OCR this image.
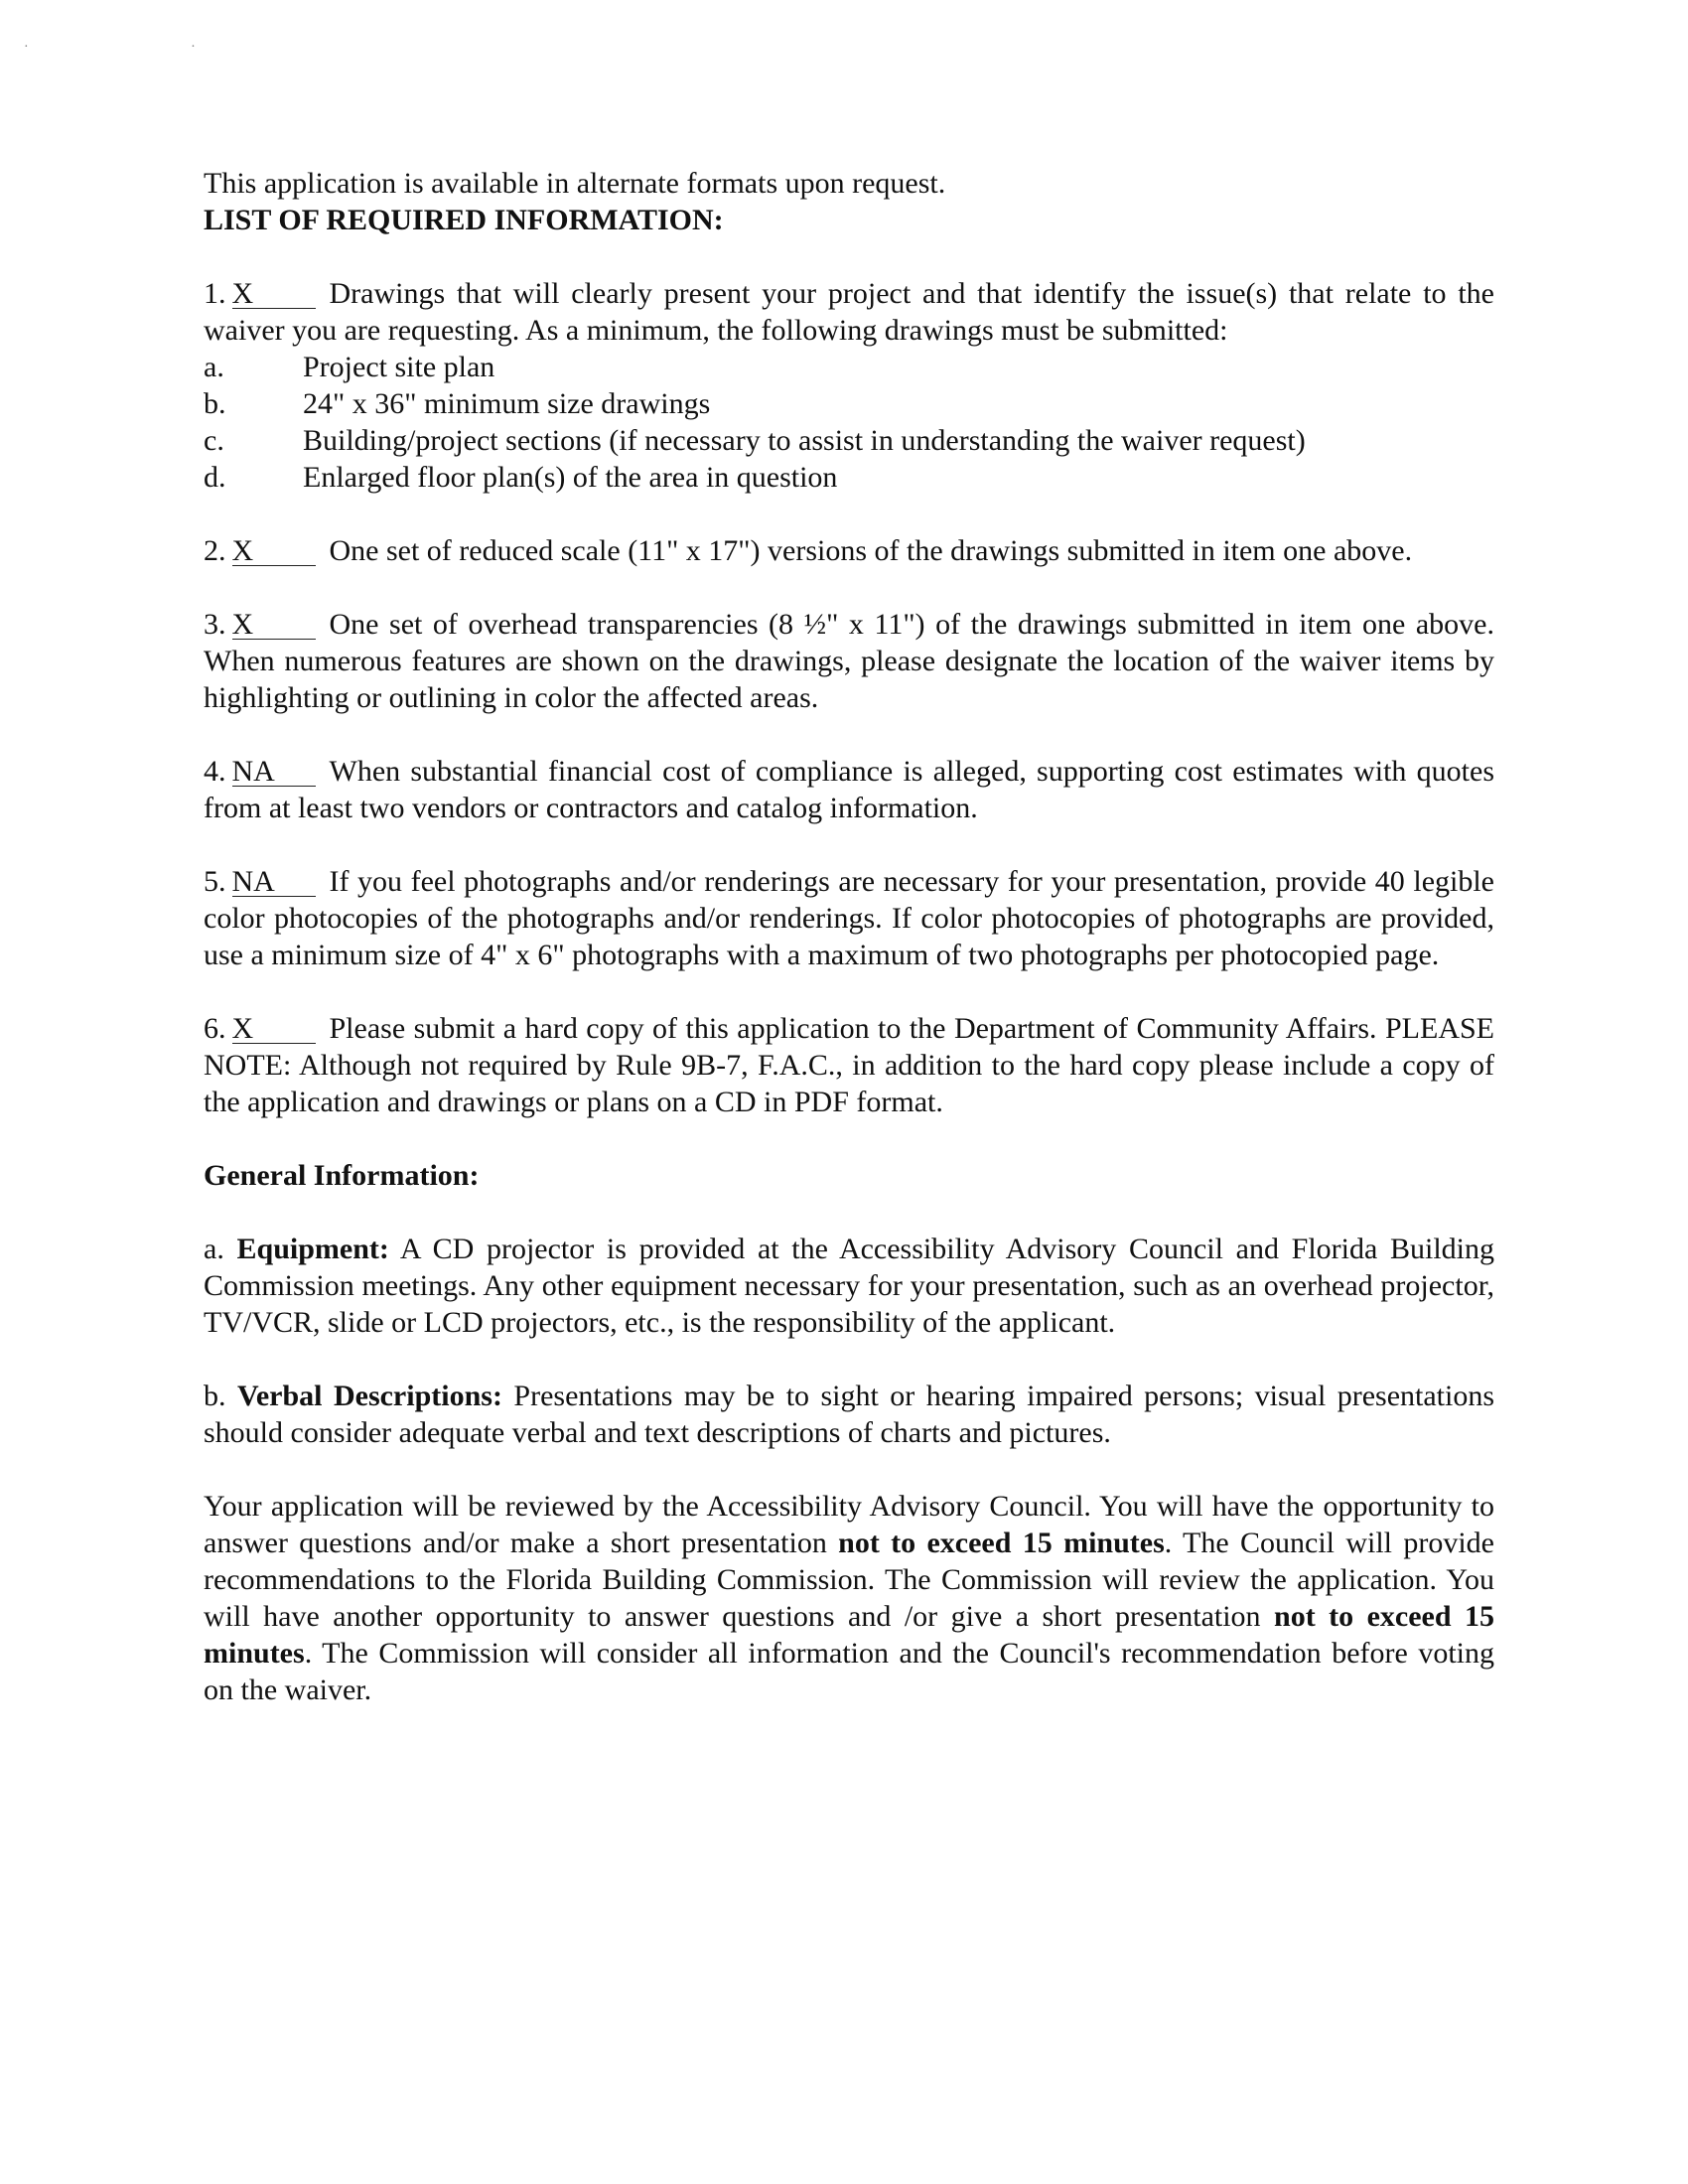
· ·

This application is available in alternate formats upon request.

LIST OF REQUIRED INFORMATION:

1. X	Drawings that will clearly present your project and that identify the issue(s) that relate to the waiver you are requesting. As a minimum, the following drawings must be submitted:

a.	Project site plan
b.	24" x 36" minimum size drawings
c.	Building/project sections (if necessary to assist in understanding the waiver request)
d.	Enlarged floor plan(s) of the area in question

2. X	One set of reduced scale (11" x 17") versions of the drawings submitted in item one above.

3. X	One set of overhead transparencies (8 ½" x 11") of the drawings submitted in item one above. When numerous features are shown on the drawings, please designate the location of the waiver items by highlighting or outlining in color the affected areas.

4. NA When substantial financial cost of compliance is alleged, supporting cost estimates with quotes from at least two vendors or contractors and catalog information.

5. NA If you feel photographs and/or renderings are necessary for your presentation, provide 40 legible color photocopies of the photographs and/or renderings. If color photocopies of photographs are provided, use a minimum size of 4" x 6" photographs with a maximum of two photographs per photocopied page.

6. X	Please submit a hard copy of this application to the Department of Community Affairs. PLEASE NOTE: Although not required by Rule 9B-7, F.A.C., in addition to the hard copy please include a copy of the application and drawings or plans on a CD in PDF format.

General Information:

a. Equipment: A CD projector is provided at the Accessibility Advisory Council and Florida Building Commission meetings. Any other equipment necessary for your presentation, such as an overhead projector, TV/VCR, slide or LCD projectors, etc., is the responsibility of the applicant.

b. Verbal Descriptions: Presentations may be to sight or hearing impaired persons; visual presentations should consider adequate verbal and text descriptions of charts and pictures.

Your application will be reviewed by the Accessibility Advisory Council. You will have the opportunity to answer questions and/or make a short presentation not to exceed 15 minutes. The Council will provide recommendations to the Florida Building Commission. The Commission will review the application. You will have another opportunity to answer questions and /or give a short presentation not to exceed 15 minutes. The Commission will consider all information and the Council's recommendation before voting on the waiver.
